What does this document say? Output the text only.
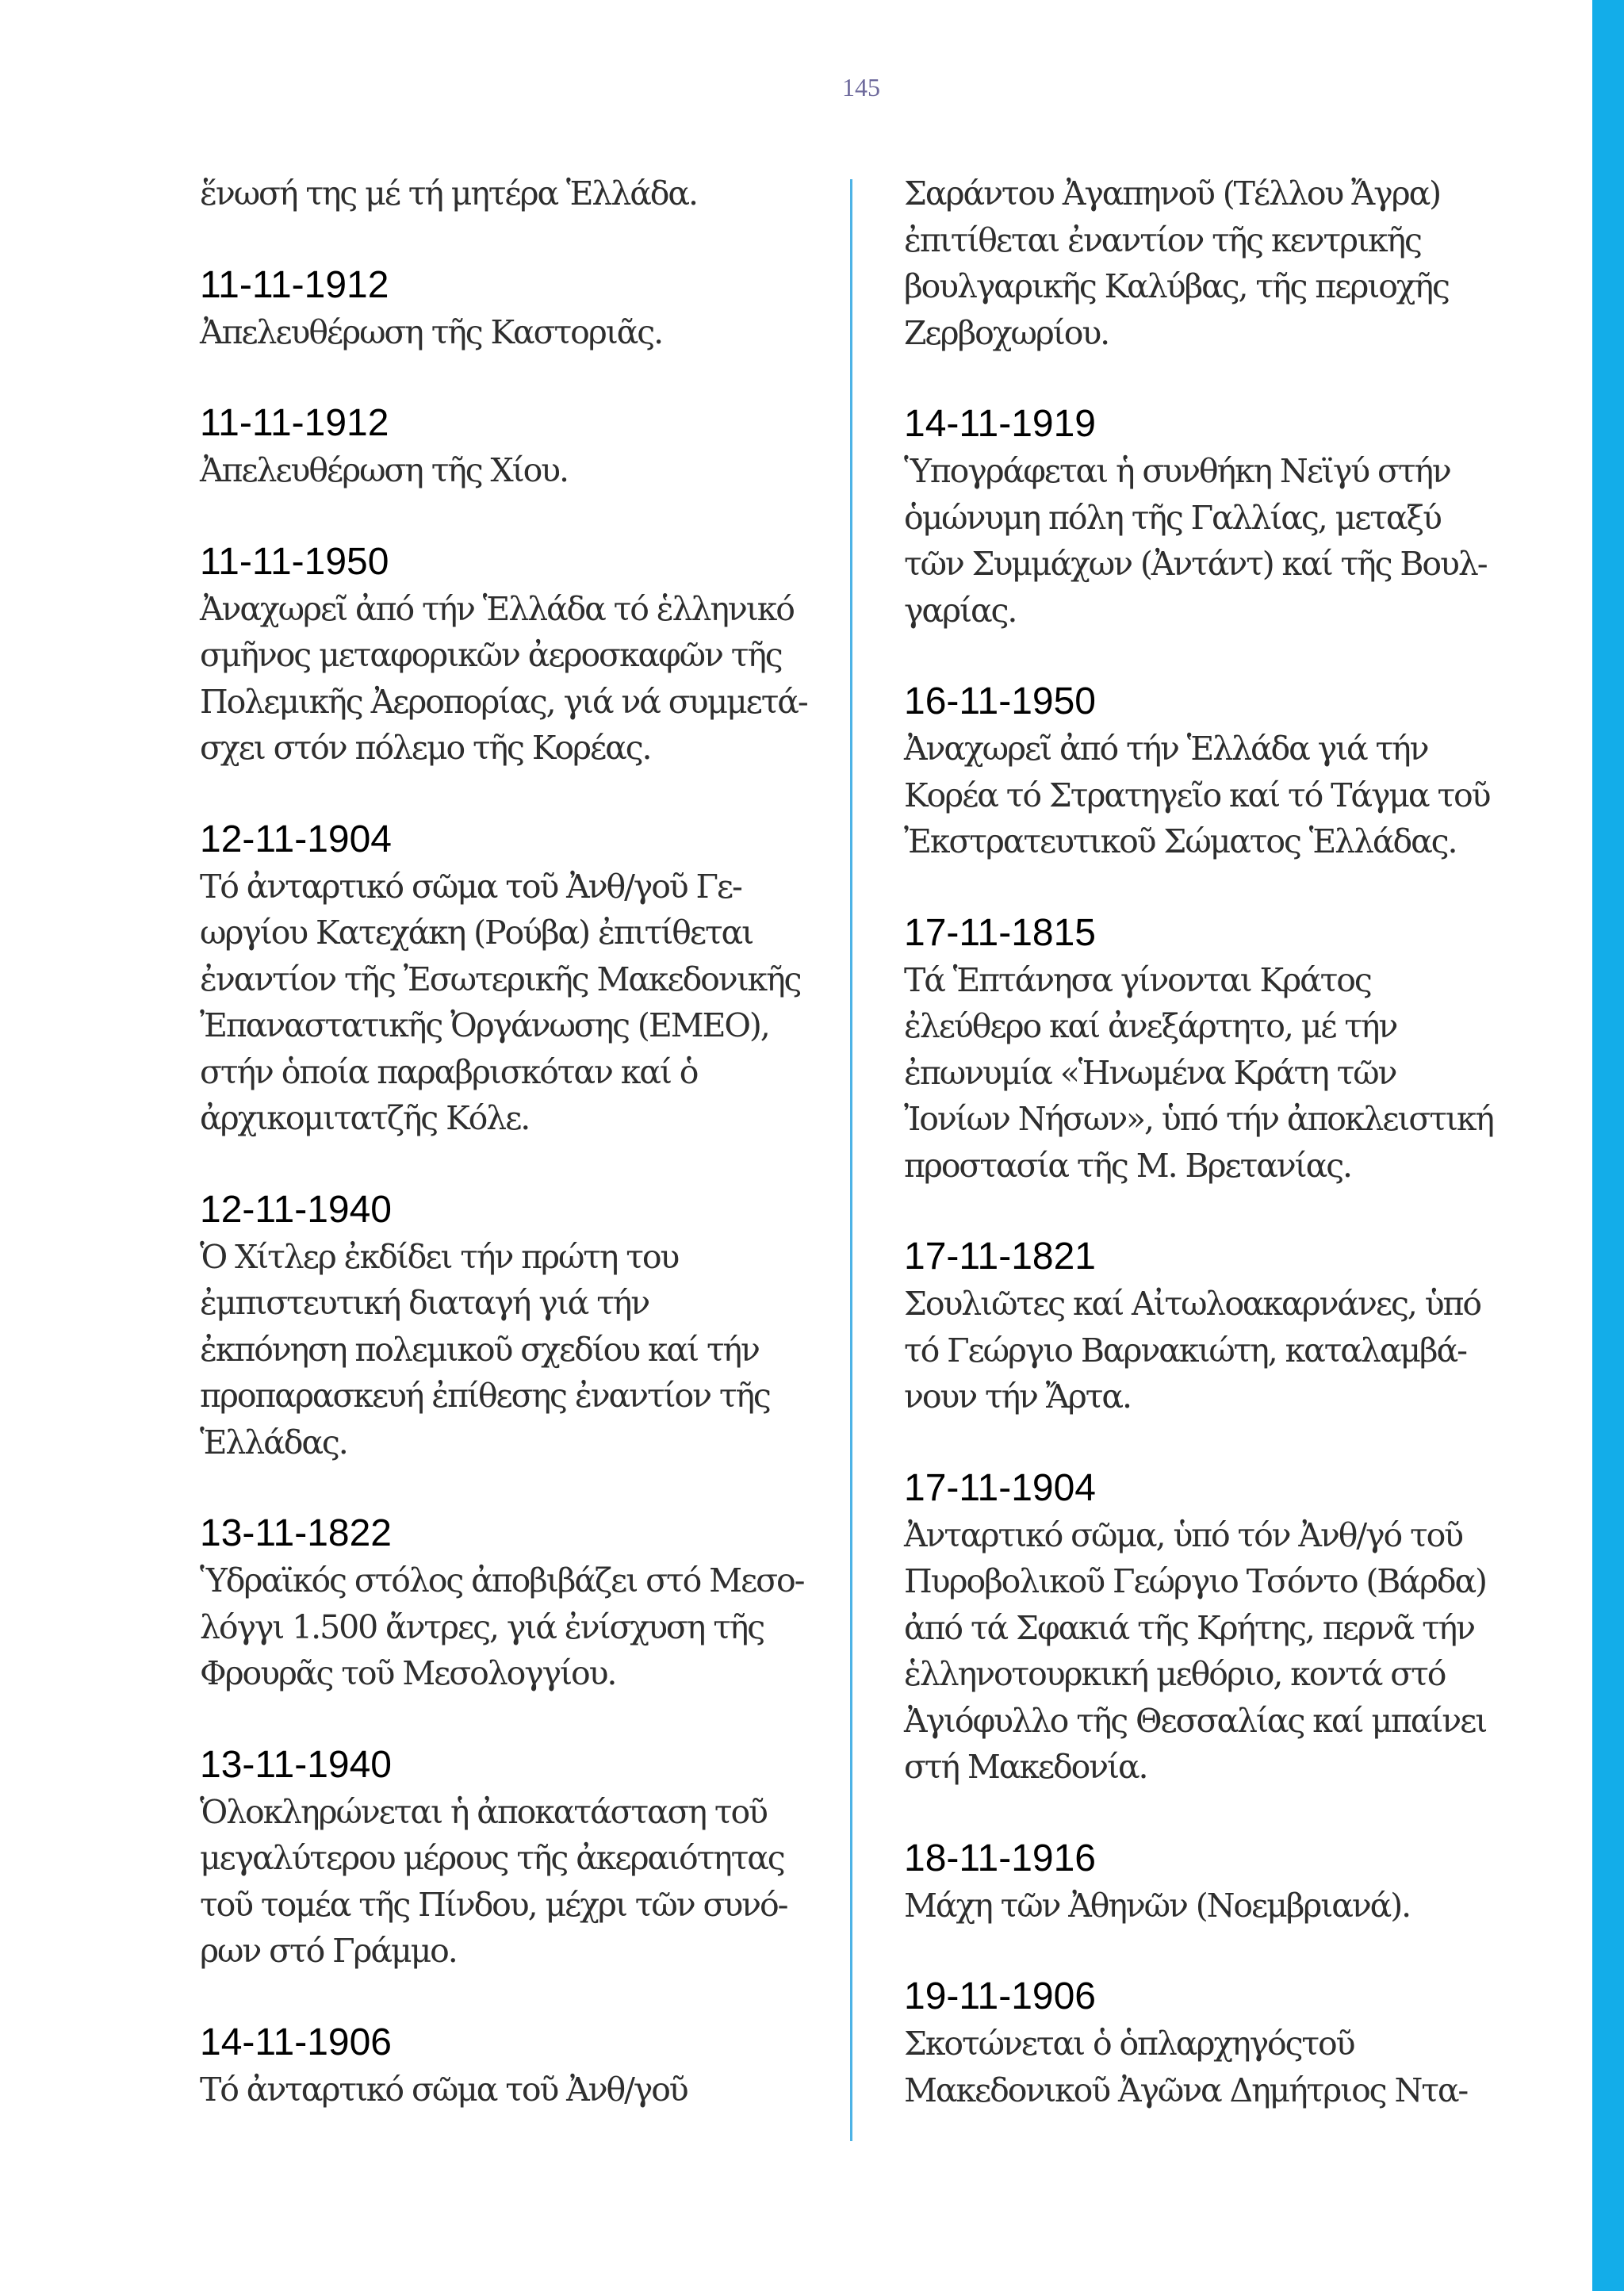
145
ἕνωσή της μέ τή μητέρα Ἑλλάδα.
11-11-1912
Ἀπελευθέρωση τῆς Καστοριᾶς.
11-11-1912
Ἀπελευθέρωση τῆς Χίου.
11-11-1950
Ἀναχωρεῖ ἀπό τήν Ἑλλάδα τό ἑλληνικό
σμῆνος μεταφορικῶν ἀεροσκαφῶν τῆς
Πολεμικῆς Ἀεροπορίας, γιά νά συμμετά-
σχει στόν πόλεμο τῆς Κορέας.
12-11-1904
Τό ἀνταρτικό σῶμα τοῦ Ἀνθ/γοῦ Γε-
ωργίου Κατεχάκη (Ρούβα) ἐπιτίθεται
ἐναντίον τῆς Ἐσωτερικῆς Μακεδονικῆς
Ἐπαναστατικῆς Ὀργάνωσης (ΕΜΕΟ),
στήν ὁποία παραβρισκόταν καί ὁ
ἀρχικομιτατζῆς Κόλε.
12-11-1940
Ὁ Χίτλερ ἐκδίδει τήν πρώτη του
ἐμπιστευτική διαταγή γιά τήν
ἐκπόνηση πολεμικοῦ σχεδίου καί τήν
προπαρασκευή ἐπίθεσης ἐναντίον τῆς
Ἑλλάδας.
13-11-1822
Ὑδραϊκός στόλος ἀποβιβάζει στό Μεσο-
λόγγι 1.500 ἄντρες, γιά ἐνίσχυση τῆς
Φρουρᾶς τοῦ Μεσολογγίου.
13-11-1940
Ὁλοκληρώνεται ἡ ἀποκατάσταση τοῦ
μεγαλύτερου μέρους τῆς ἀκεραιότητας
τοῦ τομέα τῆς Πίνδου, μέχρι τῶν συνό-
ρων στό Γράμμο.
14-11-1906
Τό ἀνταρτικό σῶμα τοῦ Ἀνθ/γοῦ
Σαράντου Ἀγαπηνοῦ (Τέλλου Ἄγρα)
ἐπιτίθεται ἐναντίον τῆς κεντρικῆς
βουλγαρικῆς Καλύβας, τῆς περιοχῆς
Ζερβοχωρίου.
14-11-1919
Ὑπογράφεται ἡ συνθήκη Νεϊγύ στήν
ὁμώνυμη πόλη τῆς Γαλλίας, μεταξύ
τῶν Συμμάχων (Ἀντάντ) καί τῆς Βουλ-
γαρίας.
16-11-1950
Ἀναχωρεῖ ἀπό τήν Ἑλλάδα γιά τήν
Κορέα τό Στρατηγεῖο καί τό Τάγμα τοῦ
Ἐκστρατευτικοῦ Σώματος Ἑλλάδας.
17-11-1815
Τά Ἑπτάνησα γίνονται Κράτος
ἐλεύθερο καί ἀνεξάρτητο, μέ τήν
ἐπωνυμία «Ἡνωμένα Κράτη τῶν
Ἰονίων Νήσων», ὑπό τήν ἀποκλειστική
προστασία τῆς Μ. Βρετανίας.
17-11-1821
Σουλιῶτες καί Αἰτωλοακαρνάνες, ὑπό
τό Γεώργιο Βαρνακιώτη, καταλαμβά-
νουν τήν Ἄρτα.
17-11-1904
Ἀνταρτικό σῶμα, ὑπό τόν Ἀνθ/γό τοῦ
Πυροβολικοῦ Γεώργιο Τσόντο (Βάρδα)
ἀπό τά Σφακιά τῆς Κρήτης, περνᾶ τήν
ἑλληνοτουρκική μεθόριο, κοντά στό
Ἀγιόφυλλο τῆς Θεσσαλίας καί μπαίνει
στή Μακεδονία.
18-11-1916
Μάχη τῶν Ἀθηνῶν (Νοεμβριανά).
19-11-1906
Σκοτώνεται ὁ ὁπλαρχηγόςτοῦ
Μακεδονικοῦ Ἀγῶνα Δημήτριος Ντα-
